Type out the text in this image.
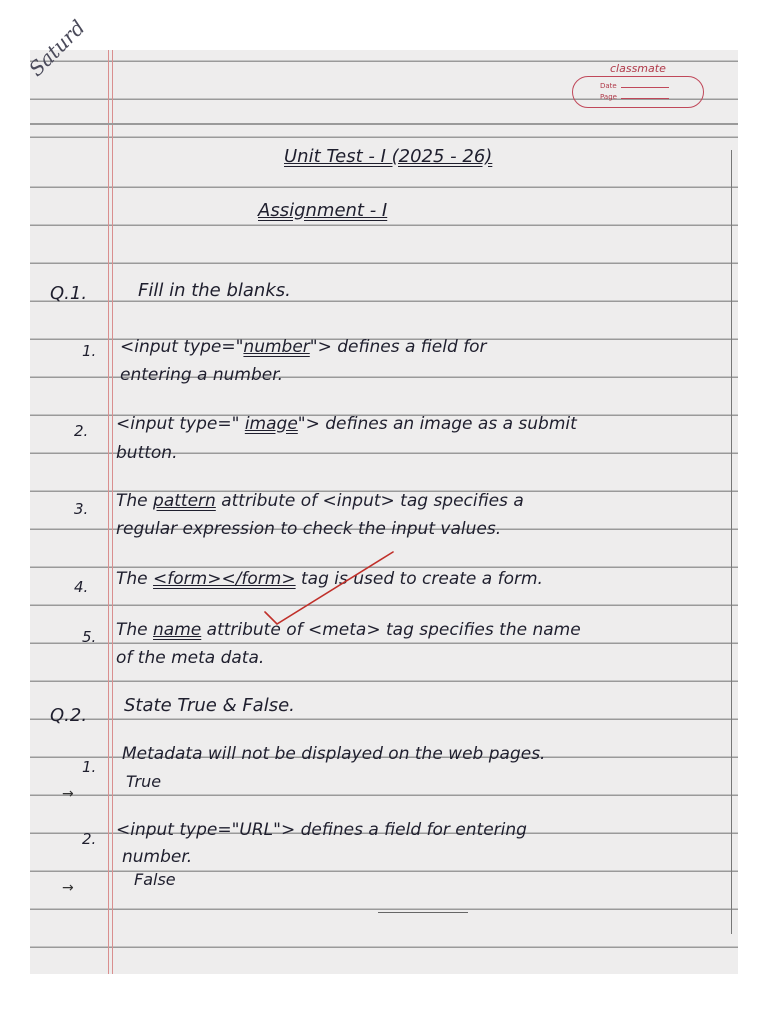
Saturd	classmate
Date
Page
Unit Test - I (2025 - 26)
Assignment - I
Q.1.	Fill in the blanks.
1. <input type="number"> defines a field for
entering a number.
2. <input type=" image"> defines an image as a submit
button.
3. The pattern attribute of <input> tag specifies a
regular expression to check the input values.
4. The <form></form> tag is used to create a form.
5. The name attribute of <meta> tag specifies the name
of the meta data.
Q.2. State True & False.
1.
Metadata will not be displayed on the web pages.
→
True
2. <input type="URL"> defines a field for entering
number.
→	False
